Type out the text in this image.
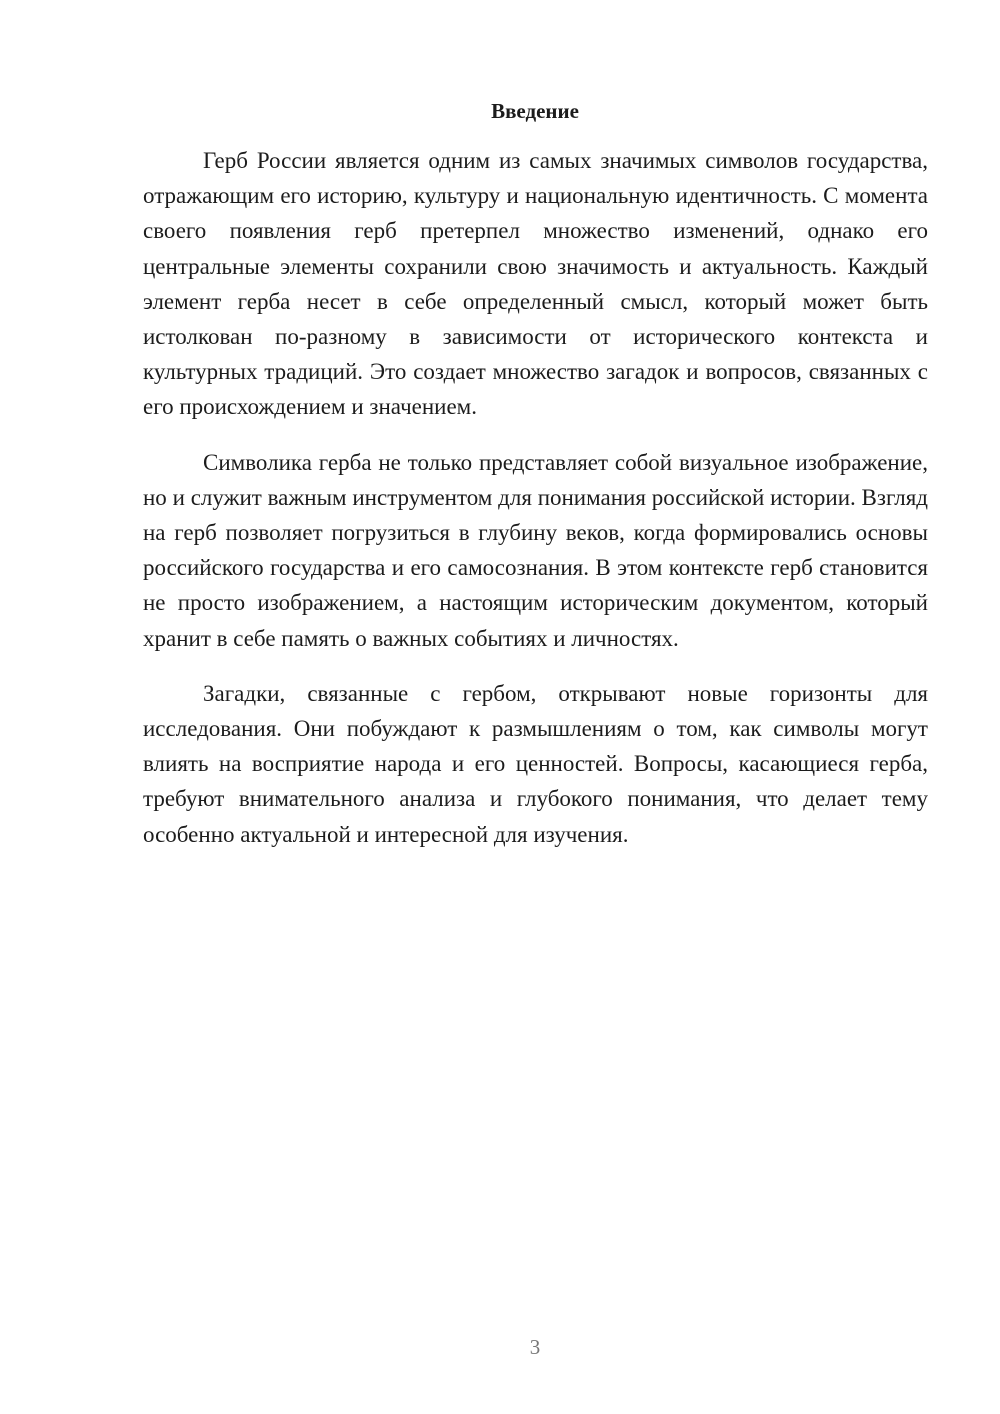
Введение

Герб России является одним из самых значимых символов государства, отражающим его историю, культуру и национальную идентичность. С момента своего появления герб претерпел множество изменений, однако его центральные элементы сохранили свою значимость и актуальность. Каждый элемент герба несет в себе определенный смысл, который может быть истолкован по-разному в зависимости от исторического контекста и культурных традиций. Это создает множество загадок и вопросов, связанных с его происхождением и значением.

Символика герба не только представляет собой визуальное изображение, но и служит важным инструментом для понимания российской истории. Взгляд на герб позволяет погрузиться в глубину веков, когда формировались основы российского государства и его самосознания. В этом контексте герб становится не просто изображением, а настоящим историческим документом, который хранит в себе память о важных событиях и личностях.

Загадки, связанные с гербом, открывают новые горизонты для исследования. Они побуждают к размышлениям о том, как символы могут влиять на восприятие народа и его ценностей. Вопросы, касающиеся герба, требуют внимательного анализа и глубокого понимания, что делает тему особенно актуальной и интересной для изучения.

3
